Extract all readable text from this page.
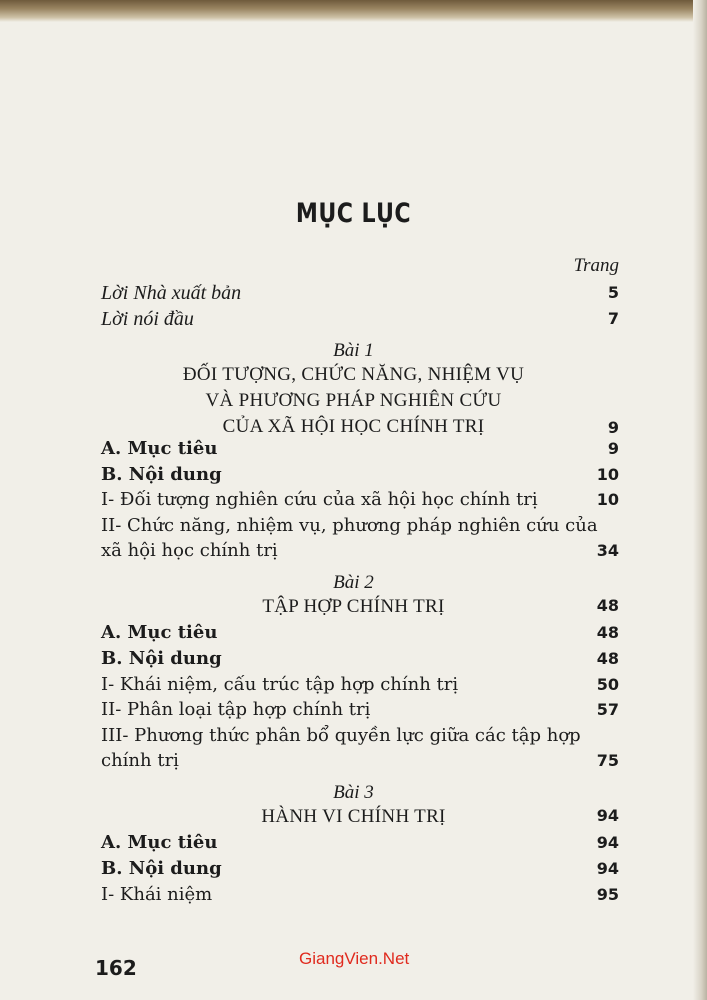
MỤC LỤC
Trang
Lời Nhà xuất bản	5
Lời nói đầu	7
Bài 1
ĐỐI TƯỢNG, CHỨC NĂNG, NHIỆM VỤ
VÀ PHƯƠNG PHÁP NGHIÊN CỨU
CỦA XÃ HỘI HỌC CHÍNH TRỊ	9
A. Mục tiêu	9
B. Nội dung	10
I- Đối tượng nghiên cứu của xã hội học chính trị	10
II- Chức năng, nhiệm vụ, phương pháp nghiên cứu của
xã hội học chính trị	34
Bài 2
TẬP HỢP CHÍNH TRỊ	48
A. Mục tiêu	48
B. Nội dung	48
I- Khái niệm, cấu trúc tập hợp chính trị	50
II- Phân loại tập hợp chính trị	57
III- Phương thức phân bổ quyền lực giữa các tập hợp
chính trị	75
Bài 3
HÀNH VI CHÍNH TRỊ	94
A. Mục tiêu	94
B. Nội dung	94
I- Khái niệm	95
162	GiangVien.Net
